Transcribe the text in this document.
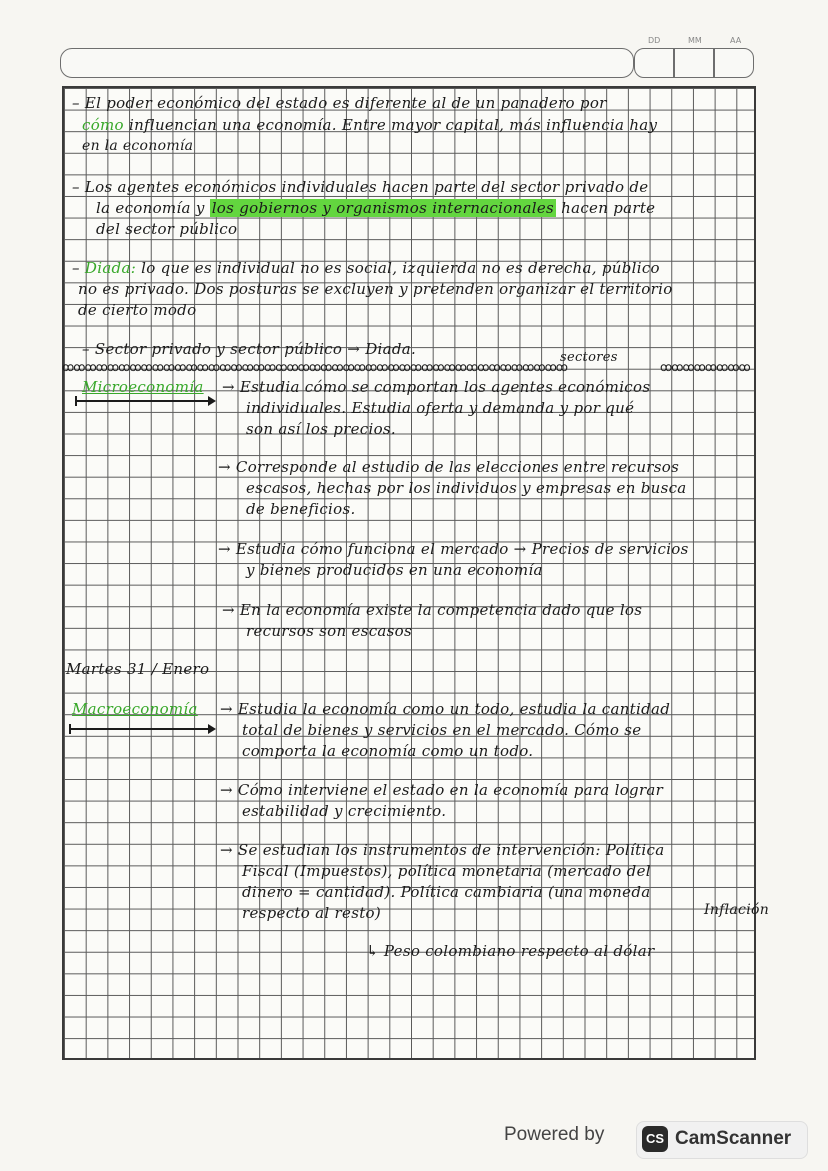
DD	MM	AA
– El poder económico del estado es diferente al de un panadero por
cómo influencian una economía. Entre mayor capital, más influencia hay
en la economía
– Los agentes económicos individuales hacen parte del sector privado de
la economía y los gobiernos y organismos internacionales hacen parte
del sector público
– Diada: lo que es individual no es social, izquierda no es derecha, público
no es privado. Dos posturas se excluyen y pretenden organizar el territorio
de cierto modo
– Sector privado y sector público → Diada.
ꝏꝏꝏꝏꝏꝏꝏꝏꝏꝏꝏꝏꝏꝏꝏꝏꝏꝏꝏꝏꝏꝏꝏꝏꝏꝏꝏꝏꝏꝏꝏꝏꝏꝏꝏꝏꝏꝏꝏꝏꝏꝏꝏꝏꝏ
sectores
ꝏꝏꝏꝏꝏꝏꝏꝏ
Microeconomía → Estudia cómo se comportan los agentes económicos
individuales. Estudia oferta y demanda y por qué
son así los precios.
→ Corresponde al estudio de las elecciones entre recursos
escasos, hechas por los individuos y empresas en busca
de beneficios.
→ Estudia cómo funciona el mercado → Precios de servicios
y bienes producidos en una economía
→ En la economía existe la competencia dado que los
recursos son escasos
Martes 31 / Enero
Macroeconomía → Estudia la economía como un todo, estudia la cantidad
total de bienes y servicios en el mercado. Cómo se
comporta la economía como un todo.
→ Cómo interviene el estado en la economía para lograr
estabilidad y crecimiento.
→ Se estudian los instrumentos de intervención: Política
Fiscal (Impuestos), política monetaria (mercado del
dinero = cantidad). Política cambiaria (una moneda
respecto al resto)	Inflación
↳ Peso colombiano respecto al dólar
Powered by	CS CamScanner
